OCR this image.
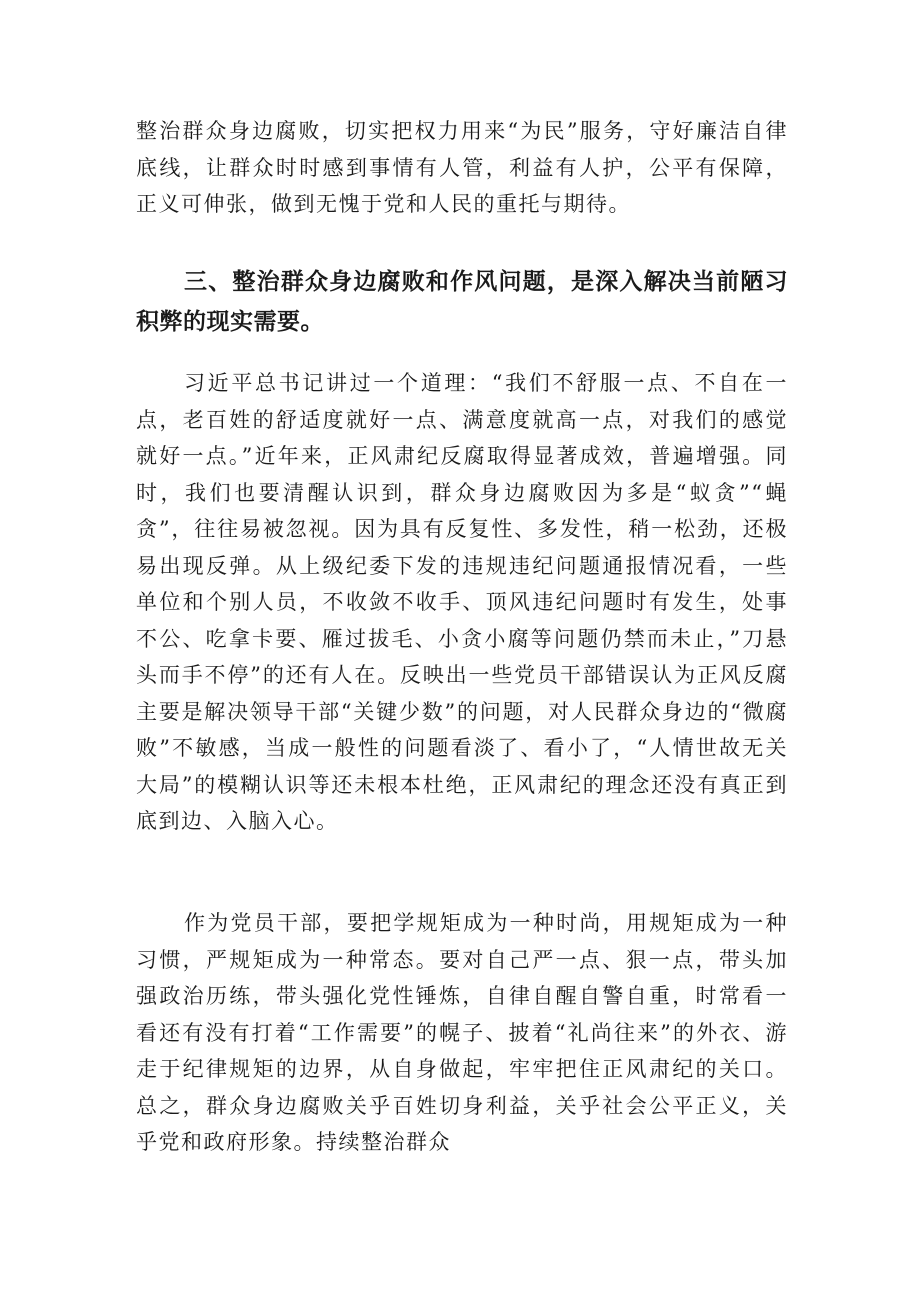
整治群众身边腐败，切实把权力用来“为民”服务，守好廉洁自律底线，让群众时时感到事情有人管，利益有人护，公平有保障，正义可伸张，做到无愧于党和人民的重托与期待。

三、整治群众身边腐败和作风问题，是深入解决当前陋习积弊的现实需要。

习近平总书记讲过一个道理：“我们不舒服一点、不自在一点，老百姓的舒适度就好一点、满意度就高一点，对我们的感觉就好一点。”近年来，正风肃纪反腐取得显著成效，普遍增强。同时，我们也要清醒认识到，群众身边腐败因为多是“蚁贪”“蝇贪”，往往易被忽视。因为具有反复性、多发性，稍一松劲，还极易出现反弹。从上级纪委下发的违规违纪问题通报情况看，一些单位和个别人员，不收敛不收手、顶风违纪问题时有发生，处事不公、吃拿卡要、雁过拔毛、小贪小腐等问题仍禁而未止，”刀悬头而手不停”的还有人在。反映出一些党员干部错误认为正风反腐主要是解决领导干部“关键少数”的问题，对人民群众身边的“微腐败”不敏感，当成一般性的问题看淡了、看小了，“人情世故无关大局”的模糊认识等还未根本杜绝，正风肃纪的理念还没有真正到底到边、入脑入心。

作为党员干部，要把学规矩成为一种时尚，用规矩成为一种习惯，严规矩成为一种常态。要对自己严一点、狠一点，带头加强政治历练，带头强化党性锤炼，自律自醒自警自重，时常看一看还有没有打着“工作需要”的幌子、披着“礼尚往来”的外衣、游走于纪律规矩的边界，从自身做起，牢牢把住正风肃纪的关口。总之，群众身边腐败关乎百姓切身利益，关乎社会公平正义，关乎党和政府形象。持续整治群众
